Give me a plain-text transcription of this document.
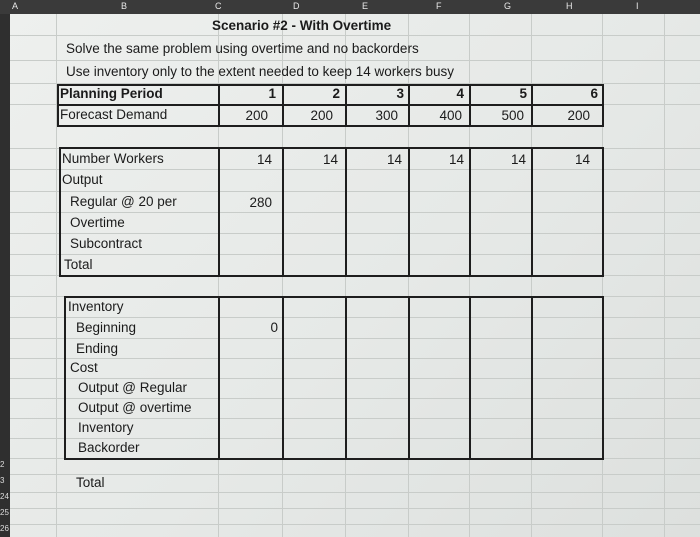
A	B	C	D	E	F	G	H	I
2
3
24
25
26
Scenario #2 - With Overtime
Solve the same problem using overtime and no backorders
Use inventory only to the extent needed to keep 14 workers busy
Planning Period	1	2	3	4	5	6
Forecast Demand	200	200	300	400	500	200
Number Workers	14	14	14	14	14	14
Output
Regular @ 20 per	280
Overtime
Subcontract
Total
Inventory
Beginning	0
Ending
Cost
Output @ Regular
Output @ overtime
Inventory
Backorder
Total
